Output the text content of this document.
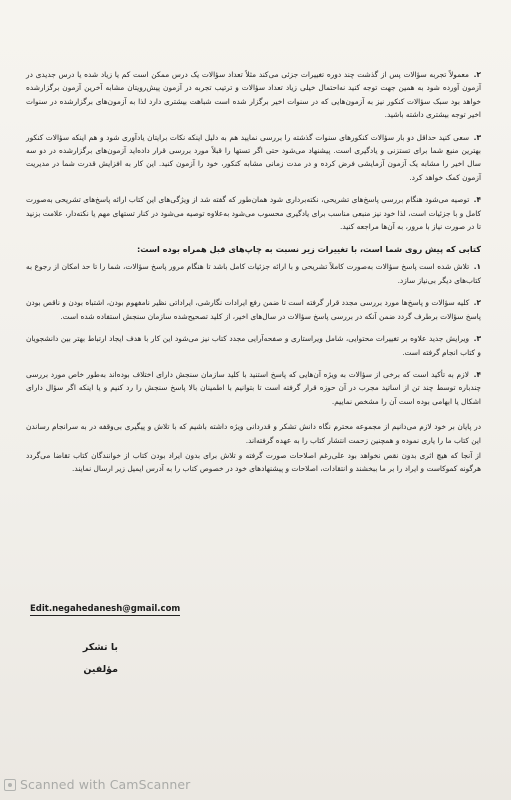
۲. معمولاً تجربه سؤالات پس از گذشت چند دوره تغییرات جزئی می‌کند مثلاً تعداد سؤالات یک درس ممکن است کم یا زیاد شده یا درس جدیدی در آزمون آورده شود به همین جهت توجه کنید نه‌احتمال خیلی زیاد تعداد سؤالات و ترتیب تجربه در آزمون پیش‌رویتان مشابه آخرین آزمون برگزارشده خواهد بود سبک سؤالات کنکور نیز به آزمون‌هایی که در سنوات اخیر برگزار شده است شباهت بیشتری دارد لذا به آزمون‌های برگزارشده در سنوات اخیر توجه بیشتری داشته باشید.

۳. سعی کنید حداقل دو بار سؤالات کنکورهای سنوات گذشته را بررسی نمایید هم به دلیل اینکه نکات برایتان یادآوری شود و هم اینکه سؤالات کنکور بهترین منبع شما برای تستزنی و یادگیری است. پیشنهاد می‌شود حتی اگر تستها را قبلاً مورد بررسی قرار داده‌اید آزمون‌های برگزارشده در دو سه سال اخیر را مشابه یک آزمون آزمایشی فرض کرده و در مدت زمانی مشابه کنکور، خود را آزمون کنید. این کار به افزایش قدرت شما در مدیریت آزمون کمک خواهد کرد.

۴. توصیه می‌شود هنگام بررسی پاسخ‌های تشریحی، نکته‌برداری شود همان‌طور که گفته شد از ویژگی‌های این کتاب ارائه پاسخ‌های تشریحی به‌صورت کامل و با جزئیات است، لذا خود نیز منبعی مناسب برای یادگیری محسوب می‌شود به‌علاوه توصیه می‌شود در کنار تستهای مهم یا نکته‌دار، علامت بزنید تا در صورت نیاز با مرور، به آن‌ها مراجعه کنید.

کتابی که پیش روی شما است، با تغییرات زیر نسبت به چاپ‌های قبل همراه بوده است:

۱. تلاش شده است پاسخ سؤالات به‌صورت کاملاً تشریحی و با ارائه جزئیات کامل باشد تا هنگام مرور پاسخ سؤالات، شما را تا حد امکان از رجوع به کتاب‌های دیگر بی‌نیاز سازد.

۲. کلیه سؤالات و پاسخ‌ها مورد بررسی مجدد قرار گرفته است تا ضمن رفع ایرادات نگارشی، ایراداتی نظیر نامفهوم بودن، اشتباه بودن و ناقص بودن پاسخ سؤالات برطرف گردد ضمن آنکه در بررسی پاسخ سؤالات در سال‌های اخیر، از کلید تصحیح‌شده سازمان سنجش استفاده شده است.

۳. ویرایش جدید علاوه بر تغییرات محتوایی، شامل ویراستاری و صفحه‌آرایی مجدد کتاب نیز می‌شود این کار با هدف ایجاد ارتباط بهتر بین دانشجویان و کتاب انجام گرفته است.

۴. لازم به تأکید است که برخی از سؤالات به ویژه آن‌هایی که پاسخ استنید با کلید سازمان سنجش دارای اختلاف بوده‌اند به‌طور خاص مورد بررسی چندباره توسط چند تن از اساتید مجرب در آن حوزه قرار گرفته است تا بتوانیم با اطمینان بالا پاسخ سنجش را رد کنیم و یا اینکه اگر سؤال دارای اشکال یا ابهامی بوده است آن را مشخص نماییم.

در پایان بر خود لازم می‌دانیم از مجموعه محترم نگاه دانش تشکر و قدردانی ویژه داشته باشیم که با تلاش و پیگیری بی‌وقفه در به سرانجام رساندن این کتاب ما را یاری نموده و همچنین زحمت انتشار کتاب را به عهده گرفته‌اند.

از آنجا که هیچ اثری بدون نقص نخواهد بود علی‌رغم اصلاحات صورت گرفته و تلاش برای بدون ایراد بودن کتاب از خوانندگان کتاب تقاضا می‌گردد هرگونه کموکاست و ایراد را بر ما ببخشند و انتقادات، اصلاحات و پیشنهادهای خود در خصوص کتاب را به آدرس ایمیل زیر ارسال نمایند.

Edit.negahedanesh@gmail.com
با تشکر
مؤلفین
Scanned with CamScanner
